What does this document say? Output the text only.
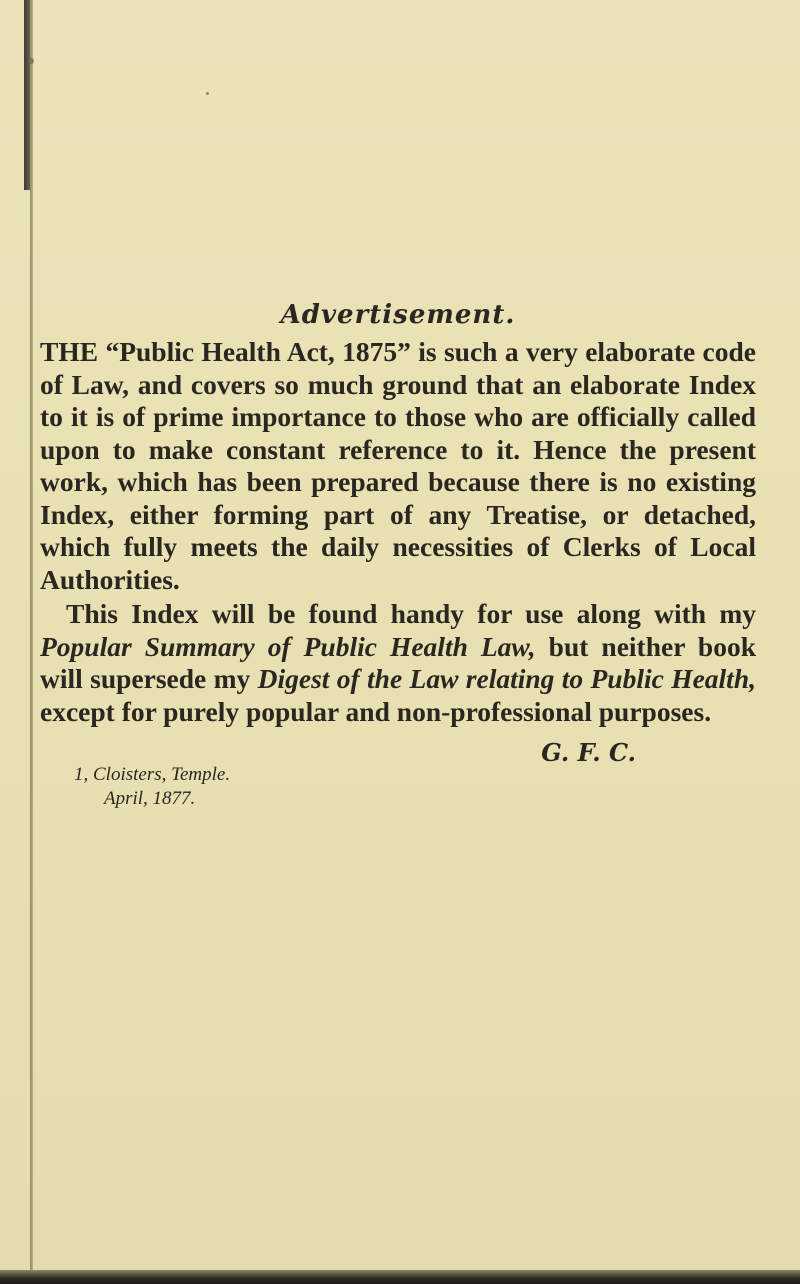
Advertisement.

THE “Public Health Act, 1875” is such a very elaborate code of Law, and covers so much ground that an elaborate Index to it is of prime importance to those who are officially called upon to make constant reference to it. Hence the present work, which has been prepared because there is no existing Index, either forming part of any Treatise, or detached, which fully meets the daily necessities of Clerks of Local Authorities.

This Index will be found handy for use along with my Popular Summary of Public Health Law, but neither book will supersede my Digest of the Law relating to Public Health, except for purely popular and non-professional purposes.

G. F. C.
1, Cloisters, Temple.
April, 1877.
